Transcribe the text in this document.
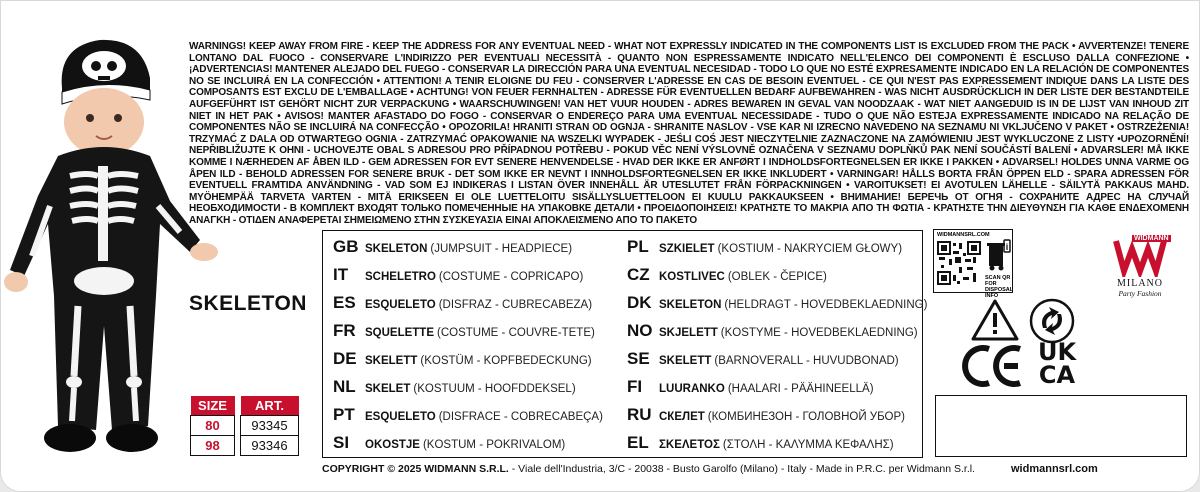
WARNINGS! KEEP AWAY FROM FIRE - KEEP THE ADDRESS FOR ANY EVENTUAL NEED - WHAT NOT EXPRESSLY INDICATED IN THE COMPONENTS LIST IS EXCLUDED FROM THE PACK • AVVERTENZE! TENERE LONTANO DAL FUOCO - CONSERVARE L'INDIRIZZO PER EVENTUALI NECESSITÀ - QUANTO NON ESPRESSAMENTE INDICATO NELL'ELENCO DEI COMPONENTI È ESCLUSO DALLA CONFEZIONE • ¡ADVERTENCIAS! MANTENER ALEJADO DEL FUEGO - CONSERVAR LA DIRECCIÓN PARA UNA EVENTUAL NECESIDAD - TODO LO QUE NO ESTÉ EXPRESAMENTE INDICADO EN LA RELACIÓN DE COMPONENTES NO SE INCLUIRÁ EN LA CONFECCIÓN • ATTENTION! A TENIR ELOIGNE DU FEU - CONSERVER L'ADRESSE EN CAS DE BESOIN EVENTUEL - CE QUI N'EST PAS EXPRESSEMENT INDIQUE DANS LA LISTE DES COMPOSANTS EST EXCLU DE L'EMBALLAGE • ACHTUNG! VON FEUER FERNHALTEN - ADRESSE FÜR EVENTUELLEN BEDARF AUFBEWAHREN - WAS NICHT AUSDRÜCKLICH IN DER LISTE DER BESTANDTEILE AUFGEFÜHRT IST GEHÖRT NICHT ZUR VERPACKUNG • WAARSCHUWINGEN! VAN HET VUUR HOUDEN - ADRES BEWAREN IN GEVAL VAN NOODZAAK - WAT NIET AANGEDUID IS IN DE LIJST VAN INHOUD ZIT NIET IN HET PAK • AVISOS! MANTER AFASTADO DO FOGO - CONSERVAR O ENDEREÇO PARA UMA EVENTUAL NECESSIDADE - TUDO O QUE NÃO ESTEJA EXPRESSAMENTE INDICADO NA RELAÇÃO DE COMPONENTES NÃO SE INCLUIRÁ NA CONFECÇÃO • OPOZORILA! HRANITI STRAN OD OGNJA - SHRANITE NASLOV - VSE KAR NI IZRECNO NAVEDENO NA SEZNAMU NI VKLJUČENO V PAKET • OSTRZEŻENIA! TRZYMAĆ Z DALA OD OTWARTEGO OGNIA - ZATRZYMAĆ OPAKOWANIE NA WSZELKI WYPADEK - JEŚLI COŚ JEST NIECZYTELNIE ZAZNACZONE NA ZAMÓWIENIU JEST WYKLUCZONE Z LISTY •UPOZORNĚNÍ! NEPŘIBLIŽUJTE K OHNI - UCHOVEJTE OBAL S ADRESOU PRO PŘÍPADNOU POTŘEBU - POKUD VĚC NENÍ VÝSLOVNĚ OZNAČENA V SEZNAMU DOPLŇKŮ PAK NENÍ SOUČÁSTÍ BALENÍ • ADVARSLER! MÅ IKKE KOMME I NÆRHEDEN AF ÅBEN ILD - GEM ADRESSEN FOR EVT SENERE HENVENDELSE - HVAD DER IKKE ER ANFØRT I INDHOLDSFORTEGNELSEN ER IKKE I PAKKEN • ADVARSEL! HOLDES UNNA VARME OG ÅPEN ILD - BEHOLD ADRESSEN FOR SENERE BRUK - DET SOM IKKE ER NEVNT I INNHOLDSFORTEGNELSEN ER IKKE INKLUDERT • VARNINGAR! HÅLLS BORTA FRÅN ÖPPEN ELD - SPARA ADRESSEN FÖR EVENTUELL FRAMTIDA ANVÄNDNING - VAD SOM EJ INDIKERAS I LISTAN ÖVER INNEHÅLL ÄR UTESLUTET FRÅN FÖRPACKNINGEN • VAROITUKSET! EI AVOTULEN LÄHELLE - SÄILYTÄ PAKKAUS MAHD. MYÖHEMPÄÄ TARVETA VARTEN - MITÄ ERIKSEEN EI OLE LUETTELOITU SISÄLLYSLUETTELOON EI KUULU PAKKAUKSEEN • ВНИМАНИЕ! БЕРЕЧЬ ОТ ОГНЯ - СОХРАНИТЕ АДРЕС НА СЛУЧАЙ НЕОБХОДИМОСТИ - В КОМПЛЕКТ ВХОДЯТ ТОЛЬКО ПОМЕЧЕННЫЕ НА УПАКОВКЕ ДЕТАЛИ • ΠΡΟΕΙΔΟΠΟΙΗΣΕΙΣ! ΚΡΑΤΗΣΤΕ ΤΟ ΜΑΚΡΙΑ ΑΠΟ ΤΗ ΦΩΤΙΑ - ΚΡΑΤΗΣΤΕ ΤΗΝ ΔΙΕΥΘΥΝΣΗ ΓΙΑ ΚΑΘΕ ΕΝΔΕΧΟΜΕΝΗ ΑΝΑΓΚΗ - ΟΤΙΔΕΝ ΑΝΑΦΕΡΕΤΑΙ ΣΗΜΕΙΩΜΕΝΟ ΣΤΗΝ ΣΥΣΚΕΥΑΣΙΑ ΕΙΝΑΙ ΑΠΟΚΛΕΙΣΜΕΝΟ ΑΠΟ ΤΟ ΠΑΚΕΤΟ
SKELETON
SIZE		ART.
80		93345
98		93346
GB SKELETON (JUMPSUIT - HEADPIECE)
IT	SCHELETRO (COSTUME - COPRICAPO)
ES ESQUELETO (DISFRAZ - CUBRECABEZA)
FR SQUELETTE (COSTUME - COUVRE-TETE)
DE SKELETT (KOSTÜM - KOPFBEDECKUNG)
NL SKELET (KOSTUUM - HOOFDDEKSEL)
PT ESQUELETO (DISFRACE - COBRECABEÇA)
SI	OKOSTJE (KOSTUM - POKRIVALOM)
PL SZKIELET (KOSTIUM - NAKRYCIEM GŁOWY)
CZ KOSTLIVEC (OBLEK - ČEPICE)
DK SKELETON (HELDRAGT - HOVEDBEKLAEDNING)
NO SKJELETT (KOSTYME - HOVEDBEKLAEDNING)
SE SKELETT (BARNOVERALL - HUVUDBONAD)
FI	LUURANKO (HAALARI - PÄÄHINEELLÄ)
RU СКЕЛЕТ (КОМБИНЕЗОН - ГОЛОВНОЙ УБОР)
EL ΣΚΕΛΕΤΟΣ (ΣΤΟΛΗ - ΚΑΛΥΜΜΑ ΚΕΦΑΛΗΣ)
WIDMANNSRL.COM
i
SCAN QR FOR DISPOSAL INFO
WIDMANN
MILANO
Party Fashion
UK
CA
COPYRIGHT © 2025 WIDMANN S.R.L. - Viale dell'Industria, 3/C - 20038 - Busto Garolfo (Milano) - Italy - Made in P.R.C. per Widmann S.r.l.	widmannsrl.com
